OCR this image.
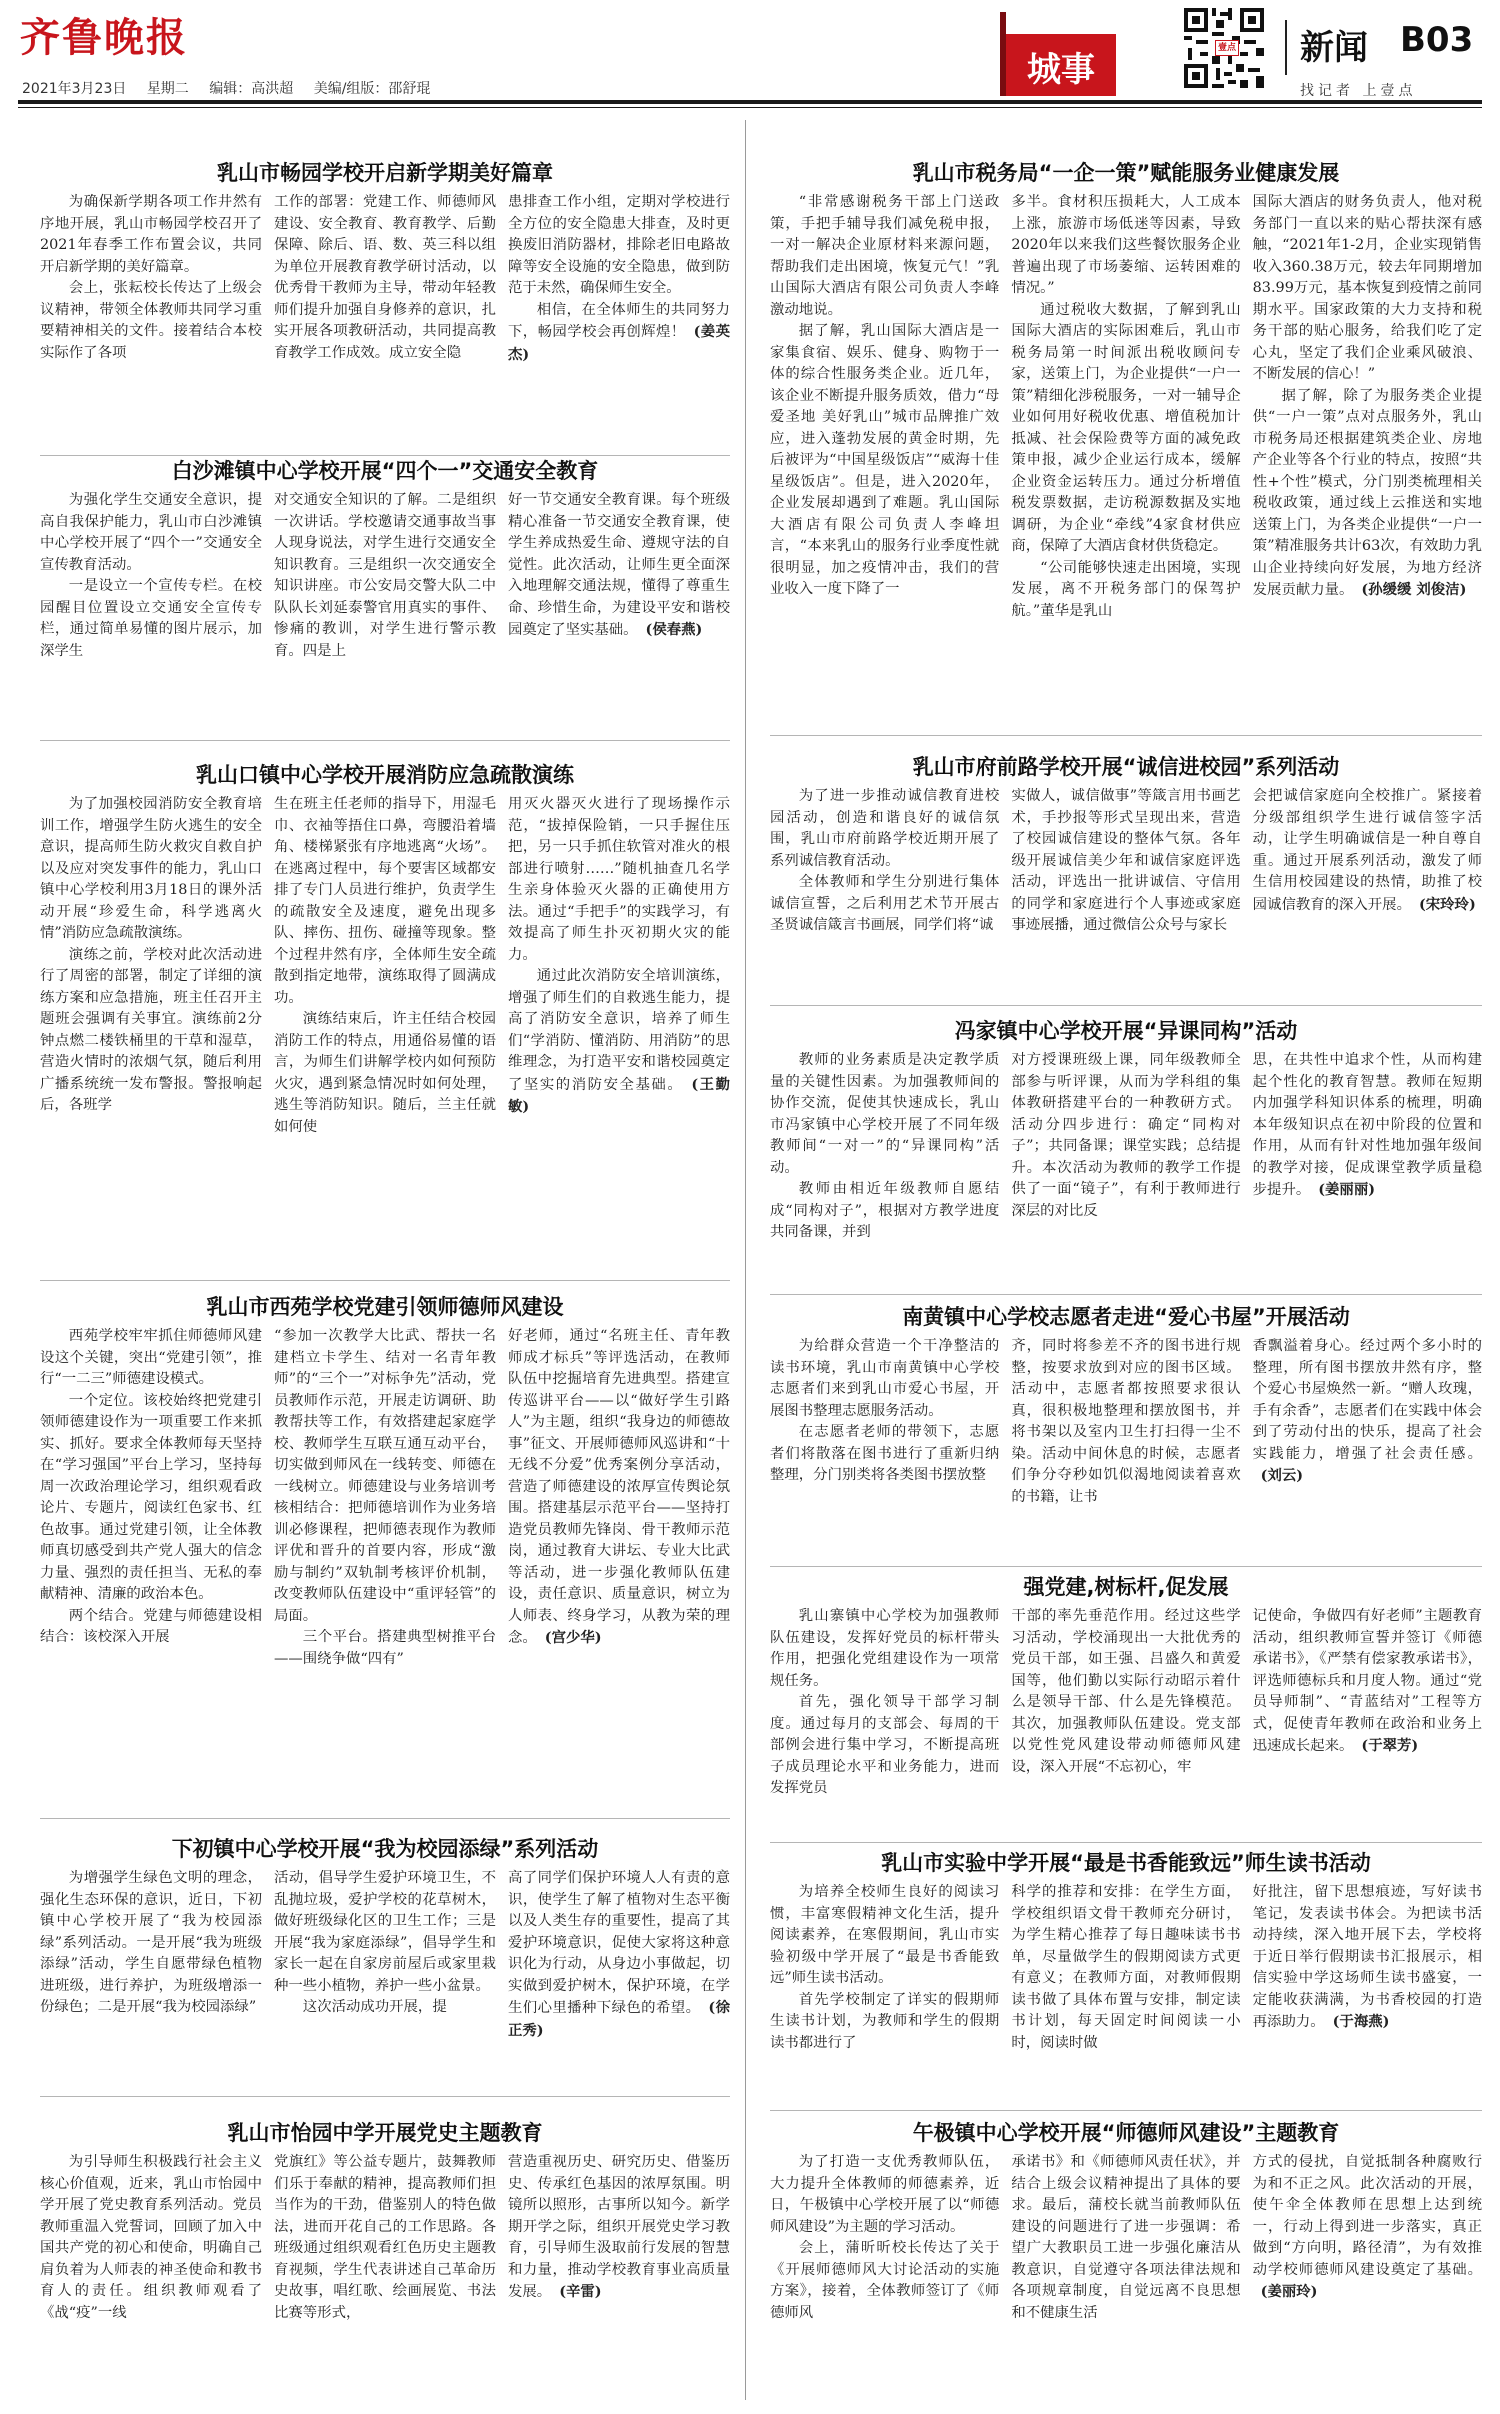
齐鲁晚报
2021年3月23日 星期二 编辑：高洪超 美编/组版：邵舒琨	城事
壹点 新闻 B03
找记者 上壹点
乳山市畅园学校开启新学期美好篇章

为确保新学期各项工作井然有序地开展，乳山市畅园学校召开了2021年春季工作布置会议，共同开启新学期的美好篇章。

会上，张耘校长传达了上级会议精神，带领全体教师共同学习重要精神相关的文件。接着结合本校实际作了各项

工作的部署：党建工作、师德师风建设、安全教育、教育教学、后勤保障、除后、语、数、英三科以组为单位开展教育教学研讨活动，以优秀骨干教师为主导，带动年轻教师们提升加强自身修养的意识，扎实开展各项教研活动，共同提高教育教学工作成效。成立安全隐

患排查工作小组，定期对学校进行全方位的安全隐患大排查，及时更换废旧消防器材，排除老旧电路故障等安全设施的安全隐患，做到防范于未然，确保师生安全。

相信，在全体师生的共同努力下，畅园学校会再创辉煌！ (姜英杰)

白沙滩镇中心学校开展“四个一”交通安全教育

为强化学生交通安全意识，提高自我保护能力，乳山市白沙滩镇中心学校开展了“四个一”交通安全宣传教育活动。

一是设立一个宣传专栏。在校园醒目位置设立交通安全宣传专栏，通过简单易懂的图片展示，加深学生

对交通安全知识的了解。二是组织一次讲话。学校邀请交通事故当事人现身说法，对学生进行交通安全知识教育。三是组织一次交通安全知识讲座。市公安局交警大队二中队队长刘延泰警官用真实的事件、惨痛的教训，对学生进行警示教育。四是上

好一节交通安全教育课。每个班级精心准备一节交通安全教育课，使学生养成热爱生命、遵规守法的自觉性。此次活动，让师生更全面深入地理解交通法规，懂得了尊重生命、珍惜生命，为建设平安和谐校园奠定了坚实基础。 (侯春燕)

乳山口镇中心学校开展消防应急疏散演练

为了加强校园消防安全教育培训工作，增强学生防火逃生的安全意识，提高师生防火救灾自救自护以及应对突发事件的能力，乳山口镇中心学校利用3月18日的课外活动开展“珍爱生命，科学逃离火情”消防应急疏散演练。

演练之前，学校对此次活动进行了周密的部署，制定了详细的演练方案和应急措施，班主任召开主题班会强调有关事宜。演练前2分钟点燃二楼铁桶里的干草和湿草，营造火情时的浓烟气氛，随后利用广播系统统一发布警报。警报响起后，各班学

生在班主任老师的指导下，用湿毛巾、衣袖等捂住口鼻，弯腰沿着墙角、楼梯紧张有序地逃离“火场”。在逃离过程中，每个要害区域都安排了专门人员进行维护，负责学生的疏散安全及速度，避免出现多队、摔伤、扭伤、碰撞等现象。整个过程井然有序，全体师生安全疏散到指定地带，演练取得了圆满成功。

演练结束后，许主任结合校园消防工作的特点，用通俗易懂的语言，为师生们讲解学校内如何预防火灾，遇到紧急情况时如何处理，逃生等消防知识。随后，兰主任就如何使

用灭火器灭火进行了现场操作示范，“拔掉保险销，一只手握住压把，另一只手抓住软管对准火的根部进行喷射……”随机抽查几名学生亲身体验灭火器的正确使用方法。通过“手把手”的实践学习，有效提高了师生扑灭初期火灾的能力。

通过此次消防安全培训演练，增强了师生们的自救逃生能力，提高了消防安全意识，培养了师生们“学消防、懂消防、用消防”的思维理念，为打造平安和谐校园奠定了坚实的消防安全基础。 (王勤敏)

乳山市西苑学校党建引领师德师风建设

西苑学校牢牢抓住师德师风建设这个关键，突出“党建引领”，推行“一二三”师德建设模式。

一个定位。该校始终把党建引领师德建设作为一项重要工作来抓实、抓好。要求全体教师每天坚持在“学习强国”平台上学习，坚持每周一次政治理论学习，组织观看政论片、专题片，阅读红色家书、红色故事。通过党建引领，让全体教师真切感受到共产党人强大的信念力量、强烈的责任担当、无私的奉献精神、清廉的政治本色。

两个结合。党建与师德建设相结合：该校深入开展

“参加一次教学大比武、帮扶一名建档立卡学生、结对一名青年教师”的“三个一”对标争先”活动，党员教师作示范，开展走访调研、助教帮扶等工作，有效搭建起家庭学校、教师学生互联互通互动平台，切实做到师风在一线转变、师德在一线树立。师德建设与业务培训考核相结合：把师德培训作为业务培训必修课程，把师德表现作为教师评优和晋升的首要内容，形成“激励与制约”双轨制考核评价机制，改变教师队伍建设中“重评轻管”的局面。

三个平台。搭建典型树推平台——围绕争做“四有”

好老师，通过“名班主任、青年教师成才标兵”等评选活动，在教师队伍中挖掘培育先进典型。搭建宣传巡讲平台——以“做好学生引路人”为主题，组织“我身边的师德故事”征文、开展师德师风巡讲和“十无线不分爱”优秀案例分享活动，营造了师德建设的浓厚宣传舆论氛围。搭建基层示范平台——坚持打造党员教师先锋岗、骨干教师示范岗，通过教育大讲坛、专业大比武等活动，进一步强化教师队伍建设，责任意识、质量意识，树立为人师表、终身学习，从教为荣的理念。 (宫少华)

下初镇中心学校开展“我为校园添绿”系列活动

为增强学生绿色文明的理念，强化生态环保的意识，近日，下初镇中心学校开展了“我为校园添绿”系列活动。一是开展“我为班级添绿”活动，学生自愿带绿色植物进班级，进行养护，为班级增添一份绿色；二是开展“我为校园添绿”

活动，倡导学生爱护环境卫生，不乱抛垃圾，爱护学校的花草树木，做好班级绿化区的卫生工作；三是开展“我为家庭添绿”，倡导学生和家长一起在自家房前屋后或家里栽种一些小植物，养护一些小盆景。

这次活动成功开展，提

高了同学们保护环境人人有责的意识，使学生了解了植物对生态平衡以及人类生存的重要性，提高了其爱护环境意识，促使大家将这种意识化为行动，从身边小事做起，切实做到爱护树木，保护环境，在学生们心里播种下绿色的希望。 (徐正秀)

乳山市怡园中学开展党史主题教育

为引导师生积极践行社会主义核心价值观，近来，乳山市怡园中学开展了党史教育系列活动。党员教师重温入党誓词，回顾了加入中国共产党的初心和使命，明确自己肩负着为人师表的神圣使命和教书育人的责任。组织教师观看了《战“疫”一线

党旗红》等公益专题片，鼓舞教师们乐于奉献的精神，提高教师们担当作为的干劲，借鉴别人的特色做法，进而开花自己的工作思路。各班级通过组织观看红色历史主题教育视频，学生代表讲述自己革命历史故事，唱红歌、绘画展览、书法比赛等形式，

营造重视历史、研究历史、借鉴历史、传承红色基因的浓厚氛围。明镜所以照形，古事所以知今。新学期开学之际，组织开展党史学习教育，引导师生汲取前行发展的智慧和力量，推动学校教育事业高质量发展。 (辛雷)

乳山市税务局“一企一策”赋能服务业健康发展

“非常感谢税务干部上门送政策，手把手辅导我们减免税申报，一对一解决企业原材料来源问题，帮助我们走出困境，恢复元气！”乳山国际大酒店有限公司负责人李峰激动地说。

据了解，乳山国际大酒店是一家集食宿、娱乐、健身、购物于一体的综合性服务类企业。近几年，该企业不断提升服务质效，借力“母爱圣地 美好乳山”城市品牌推广效应，进入蓬勃发展的黄金时期，先后被评为“中国星级饭店”“威海十佳星级饭店”。但是，进入2020年，企业发展却遇到了难题。乳山国际大酒店有限公司负责人李峰坦言，“本来乳山的服务行业季度性就很明显，加之疫情冲击，我们的营业收入一度下降了一

多半。食材积压损耗大，人工成本上涨，旅游市场低迷等因素，导致2020年以来我们这些餐饮服务企业普遍出现了市场萎缩、运转困难的情况。”

通过税收大数据，了解到乳山国际大酒店的实际困难后，乳山市税务局第一时间派出税收顾问专家，送策上门，为企业提供“一户一策”精细化涉税服务，一对一辅导企业如何用好税收优惠、增值税加计抵减、社会保险费等方面的减免政策申报，减少企业运行成本，缓解企业资金运转压力。通过分析增值税发票数据，走访税源数据及实地调研，为企业“牵线”4家食材供应商，保障了大酒店食材供货稳定。

“公司能够快速走出困境，实现发展，离不开税务部门的保驾护航。”董华是乳山

国际大酒店的财务负责人，他对税务部门一直以来的贴心帮扶深有感触，“2021年1-2月，企业实现销售收入360.38万元，较去年同期增加83.99万元，基本恢复到疫情之前同期水平。国家政策的大力支持和税务干部的贴心服务，给我们吃了定心丸，坚定了我们企业乘风破浪、不断发展的信心！”

据了解，除了为服务类企业提供“一户一策”点对点服务外，乳山市税务局还根据建筑类企业、房地产企业等各个行业的特点，按照“共性+个性”模式，分门别类梳理相关税收政策，通过线上云推送和实地送策上门，为各类企业提供“一户一策”精准服务共计63次，有效助力乳山企业持续向好发展，为地方经济发展贡献力量。 (孙缓缓 刘俊洁)

乳山市府前路学校开展“诚信进校园”系列活动

为了进一步推动诚信教育进校园活动，创造和谐良好的诚信氛围，乳山市府前路学校近期开展了系列诚信教育活动。

全体教师和学生分别进行集体诚信宣誓，之后利用艺术节开展古圣贤诚信箴言书画展，同学们将“诚

实做人，诚信做事”等箴言用书画艺术，手抄报等形式呈现出来，营造了校园诚信建设的整体气氛。各年级开展诚信美少年和诚信家庭评选活动，评选出一批讲诚信、守信用的同学和家庭进行个人事迹或家庭事迹展播，通过微信公众号与家长

会把诚信家庭向全校推广。紧接着分级部组织学生进行诚信签字活动，让学生明确诚信是一种自尊自重。通过开展系列活动，激发了师生信用校园建设的热情，助推了校园诚信教育的深入开展。 (宋玲玲)

冯家镇中心学校开展“异课同构”活动

教师的业务素质是决定教学质量的关键性因素。为加强教师间的协作交流，促使其快速成长，乳山市冯家镇中心学校开展了不同年级教师间“一对一”的“异课同构”活动。

教师由相近年级教师自愿结成“同构对子”，根据对方教学进度共同备课，并到

对方授课班级上课，同年级教师全部参与听评课，从而为学科组的集体教研搭建平台的一种教研方式。活动分四步进行：确定“同构对子”；共同备课；课堂实践；总结提升。本次活动为教师的教学工作提供了一面“镜子”，有利于教师进行深层的对比反

思，在共性中追求个性，从而构建起个性化的教育智慧。教师在短期内加强学科知识体系的梳理，明确本年级知识点在初中阶段的位置和作用，从而有针对性地加强年级间的教学对接，促成课堂教学质量稳步提升。 (姜丽丽)

南黄镇中心学校志愿者走进“爱心书屋”开展活动

为给群众营造一个干净整洁的读书环境，乳山市南黄镇中心学校志愿者们来到乳山市爱心书屋，开展图书整理志愿服务活动。

在志愿者老师的带领下，志愿者们将散落在图书进行了重新归纳整理，分门别类将各类图书摆放整

齐，同时将参差不齐的图书进行规整，按要求放到对应的图书区域。活动中，志愿者都按照要求很认真，很积极地整理和摆放图书，并将书架以及室内卫生打扫得一尘不染。活动中间休息的时候，志愿者们争分夺秒如饥似渴地阅读着喜欢的书籍，让书

香飘溢着身心。经过两个多小时的整理，所有图书摆放井然有序，整个爱心书屋焕然一新。“赠人玫瑰，手有余香”，志愿者们在实践中体会到了劳动付出的快乐，提高了社会实践能力，增强了社会责任感。(刘云)

强党建,树标杆,促发展

乳山寨镇中心学校为加强教师队伍建设，发挥好党员的标杆带头作用，把强化党组建设作为一项常规任务。

首先，强化领导干部学习制度。通过每月的支部会、每周的干部例会进行集中学习，不断提高班子成员理论水平和业务能力，进而发挥党员

干部的率先垂范作用。经过这些学习活动，学校涌现出一大批优秀的党员干部，如王强、吕盛久和黄爱国等，他们勤以实际行动昭示着什么是领导干部、什么是先锋模范。其次，加强教师队伍建设。党支部以党性党风建设带动师德师风建设，深入开展“不忘初心，牢

记使命，争做四有好老师”主题教育活动，组织教师宣誓并签订《师德承诺书》，《严禁有偿家教承诺书》，评选师德标兵和月度人物。通过“党员导师制”、“青蓝结对”工程等方式，促使青年教师在政治和业务上迅速成长起来。 (于翠芳)

乳山市实验中学开展“最是书香能致远”师生读书活动

为培养全校师生良好的阅读习惯，丰富寒假精神文化生活，提升阅读素养，在寒假期间，乳山市实验初级中学开展了“最是书香能致远”师生读书活动。

首先学校制定了详实的假期师生读书计划，为教师和学生的假期读书都进行了

科学的推荐和安排：在学生方面，学校组织语文骨干教师充分研讨，为学生精心推荐了每日趣味读书书单，尽量做学生的假期阅读方式更有意义；在教师方面，对教师假期读书做了具体布置与安排，制定读书计划，每天固定时间阅读一小时，阅读时做

好批注，留下思想痕迹，写好读书笔记，发表读书体会。为把读书活动持续，深入地开展下去，学校将于近日举行假期读书汇报展示，相信实验中学这场师生读书盛宴，一定能收获满满，为书香校园的打造再添助力。 (于海燕)

午极镇中心学校开展“师德师风建设”主题教育

为了打造一支优秀教师队伍，大力提升全体教师的师德素养，近日，午极镇中心学校开展了以“师德师风建设”为主题的学习活动。

会上，蒲昕昕校长传达了关于《开展师德师风大讨论活动的实施方案》，接着，全体教师签订了《师德师风

承诺书》和《师德师风责任状》，并结合上级会议精神提出了具体的要求。最后，蒲校长就当前教师队伍建设的问题进行了进一步强调：希望广大教职员工进一步强化廉洁从教意识，自觉遵守各项法律法规和各项规章制度，自觉远离不良思想和不健康生活

方式的侵扰，自觉抵制各种腐败行为和不正之风。此次活动的开展，使午伞全体教师在思想上达到统一，行动上得到进一步落实，真正做到“方向明，路径清”，为有效推动学校师德师风建设奠定了基础。(姜丽玲)
